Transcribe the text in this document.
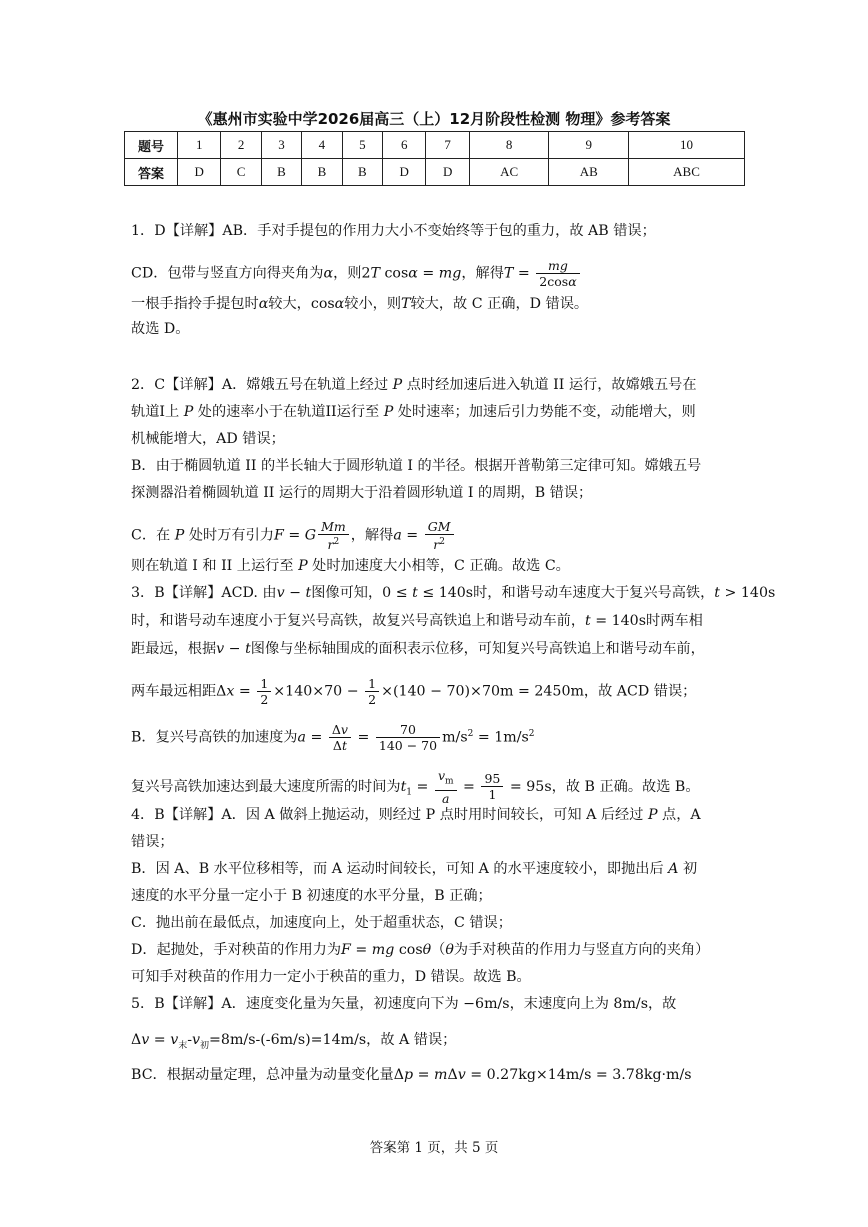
《惠州市实验中学2026届高三（上）12月阶段性检测 物理》参考答案
题号	1	2	3	4	5	6	7	8	9	10
答案	D	C	B	B	B	D	D	AC	AB	ABC
1．D【详解】AB．手对手提包的作用力大小不变始终等于包的重力，故 AB 错误；
CD．包带与竖直方向得夹角为α，则2T cosα = mg，解得$T = \frac{mg}{2\cos\alpha}$
一根手指拎手提包时α较大，cosα较小，则T较大，故 C 正确，D 错误。
故选 D。
2．C【详解】A．嫦娥五号在轨道上经过 P 点时经加速后进入轨道 II 运行，故嫦娥五号在
轨道I上 P 处的速率小于在轨道II运行至 P 处时速率；加速后引力势能不变，动能增大，则
机械能增大，AD 错误；
B．由于椭圆轨道 II 的半长轴大于圆形轨道 I 的半径。根据开普勒第三定律可知。嫦娥五号
探测器沿着椭圆轨道 II 运行的周期大于沿着圆形轨道 I 的周期，B 错误；
C．在 P 处时万有引力F = G $\frac{Mm}{r^2}$ ，解得$a = \frac{GM}{r^2}$
则在轨道 I 和 II 上运行至 P 处时加速度大小相等，C 正确。故选 C。
3．B【详解】ACD. 由v − t图像可知，0 ≤ t ≤ 140s时，和谐号动车速度大于复兴号高铁，t > 140s
时，和谐号动车速度小于复兴号高铁，故复兴号高铁追上和谐号动车前，t = 140s时两车相
距最远，根据v − t图像与坐标轴围成的面积表示位移，可知复兴号高铁追上和谐号动车前，
两车最远相距$\Delta x = \frac{1}{2} \times 140\times 70 - \frac{1}{2} \times(140 - 70)\times 70m = 2450m$，故 ACD 错误；
B．复兴号高铁的加速度为$a = \frac{\Delta v}{\Delta t} = \frac{70}{140 - 70} m/s^2 = 1m/s^2$
复兴号高铁加速达到最大速度所需的时间为$t_1 = \frac{v_m}{a} = \frac{95}{1} = 95s$，故 B 正确。故选 B。
4．B【详解】A．因 A 做斜上抛运动，则经过 P 点时用时间较长，可知 A 后经过 P 点，A
错误；
B．因 A、B 水平位移相等，而 A 运动时间较长，可知 A 的水平速度较小，即抛出后 A 初
速度的水平分量一定小于 B 初速度的水平分量，B 正确；
C．抛出前在最低点，加速度向上，处于超重状态，C 错误；
D．起抛处，手对秧苗的作用力为F = mg cosθ（θ为手对秧苗的作用力与竖直方向的夹角）
可知手对秧苗的作用力一定小于秧苗的重力，D 错误。故选 B。
5．B【详解】A．速度变化量为矢量，初速度向下为 −6m/s，末速度向上为 8m/s，故
$\Delta v = v_末-v_初=8m/s-(-6m/s)=14m/s$，故 A 错误；
BC．根据动量定理，总冲量为动量变化量Δp = mΔv = 0.27kg×14m/s = 3.78kg·m/s
答案第 1 页，共 5 页
